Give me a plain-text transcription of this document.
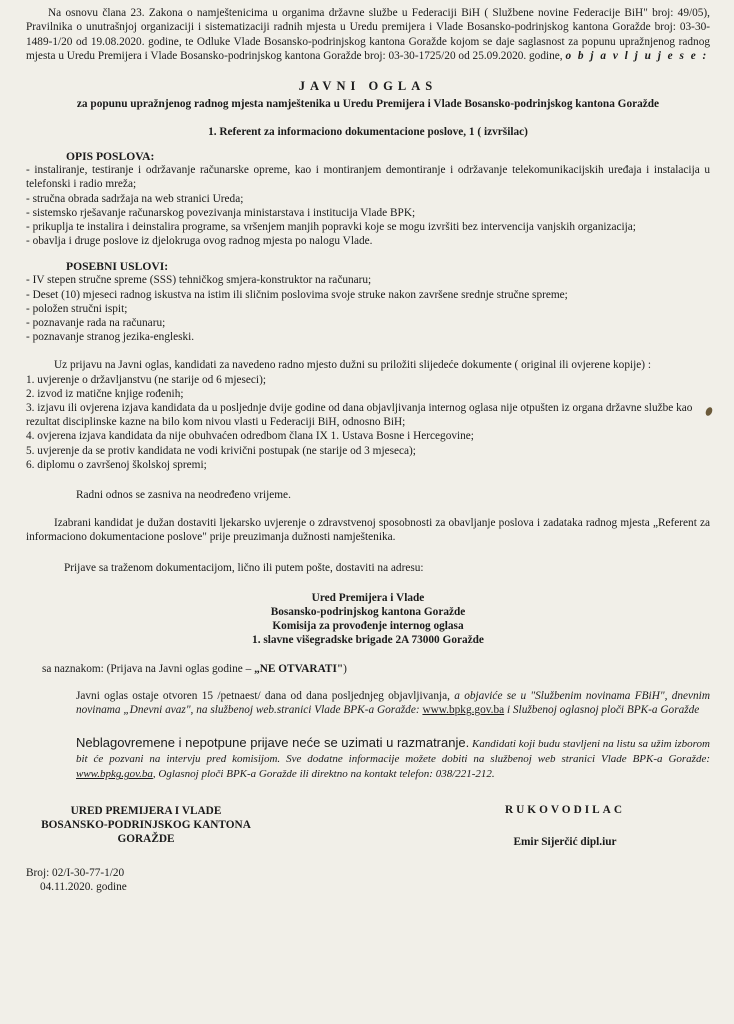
Na osnovu člana 23. Zakona o namještenicima u organima državne službe u Federaciji BiH ( Službene novine Federacije BiH" broj: 49/05), Pravilnika o unutrašnjoj organizaciji i sistematizaciji radnih mjesta u Uredu premijera i Vlade Bosansko-podrinjskog kantona Goražde broj: 03-30-1489-1/20 od 19.08.2020. godine, te Odluke Vlade Bosansko-podrinjskog kantona Goražde kojom se daje saglasnost za popunu upražnjenog radnog mjesta u Uredu Premijera i Vlade Bosansko-podrinjskog kantona Goražde broj: 03-30-1725/20 od 25.09.2020. godine, o b j a v l j u j e s e :

JAVNI OGLAS
za popunu upražnjenog radnog mjesta namještenika u Uredu Premijera i Vlade Bosansko-podrinjskog kantona Goražde
1. Referent za informaciono dokumentacione poslove, 1 ( izvršilac)
OPIS POSLOVA:
- instaliranje, testiranje i održavanje računarske opreme, kao i montiranjem demontiranje i održavanje telekomunikacijskih uređaja i instalacija u telefonski i radio mreža;
- stručna obrada sadržaja na web stranici Ureda;
- sistemsko rješavanje računarskog povezivanja ministarstava i institucija Vlade BPK;
- prikuplja te instalira i deinstalira programe, sa vršenjem manjih popravki koje se mogu izvršiti bez intervencija vanjskih organizacija;
- obavlja i druge poslove iz djelokruga ovog radnog mjesta po nalogu Vlade.
POSEBNI USLOVI:
- IV stepen stručne spreme (SSS) tehničkog smjera-konstruktor na računaru;
- Deset (10) mjeseci radnog iskustva na istim ili sličnim poslovima svoje struke nakon završene srednje stručne spreme;
- položen stručni ispit;
- poznavanje rada na računaru;
- poznavanje stranog jezika-engleski.

Uz prijavu na Javni oglas, kandidati za navedeno radno mjesto dužni su priložiti slijedeće dokumente ( original ili ovjerene kopije) :

1. uvjerenje o državljanstvu (ne starije od 6 mjeseci);
2. izvod iz matične knjige rođenih;
3. izjavu ili ovjerena izjava kandidata da u posljednje dvije godine od dana objavljivanja internog oglasa nije otpušten iz organa državne službe kao rezultat disciplinske kazne na bilo kom nivou vlasti u Federaciji BiH, odnosno BiH;
4. ovjerena izjava kandidata da nije obuhvaćen odredbom člana IX 1. Ustava Bosne i Hercegovine;
5. uvjerenje da se protiv kandidata ne vodi krivični postupak (ne starije od 3 mjeseca);
6. diplomu o završenoj školskoj spremi;

Radni odnos se zasniva na neodređeno vrijeme.

Izabrani kandidat je dužan dostaviti ljekarsko uvjerenje o zdravstvenoj sposobnosti za obavljanje poslova i zadataka radnog mjesta „Referent za informaciono dokumentacione poslove" prije preuzimanja dužnosti namještenika.

Prijave sa traženom dokumentacijom, lično ili putem pošte, dostaviti na adresu:

Ured Premijera i Vlade
Bosansko-podrinjskog kantona Goražde
Komisija za provođenje internog oglasa
1. slavne višegradske brigade 2A 73000 Goražde

sa naznakom: (Prijava na Javni oglas godine – „NE OTVARATI")

Javni oglas ostaje otvoren 15 /petnaest/ dana od dana posljednjeg objavljivanja, a objaviće se u "Službenim novinama FBiH", dnevnim novinama „Dnevni avaz", na službenoj web.stranici Vlade BPK-a Goražde: www.bpkg.gov.ba i Službenoj oglasnoj ploči BPK-a Goražde

Neblagovremene i nepotpune prijave neće se uzimati u razmatranje. Kandidati koji budu stavljeni na listu sa užim izborom bit će pozvani na intervju pred komisijom. Sve dodatne informacije možete dobiti na službenoj web stranici Vlade BPK-a Goražde: www.bpkg.gov.ba, Oglasnoj ploči BPK-a Goražde ili direktno na kontakt telefon: 038/221-212.

URED PREMIJERA I VLADE
BOSANSKO-PODRINJSKOG KANTONA
GORAŽDE
RUKOVODILAC
Emir Sijerčić dipl.iur
Broj: 02/I-30-77-1/20
04.11.2020. godine
